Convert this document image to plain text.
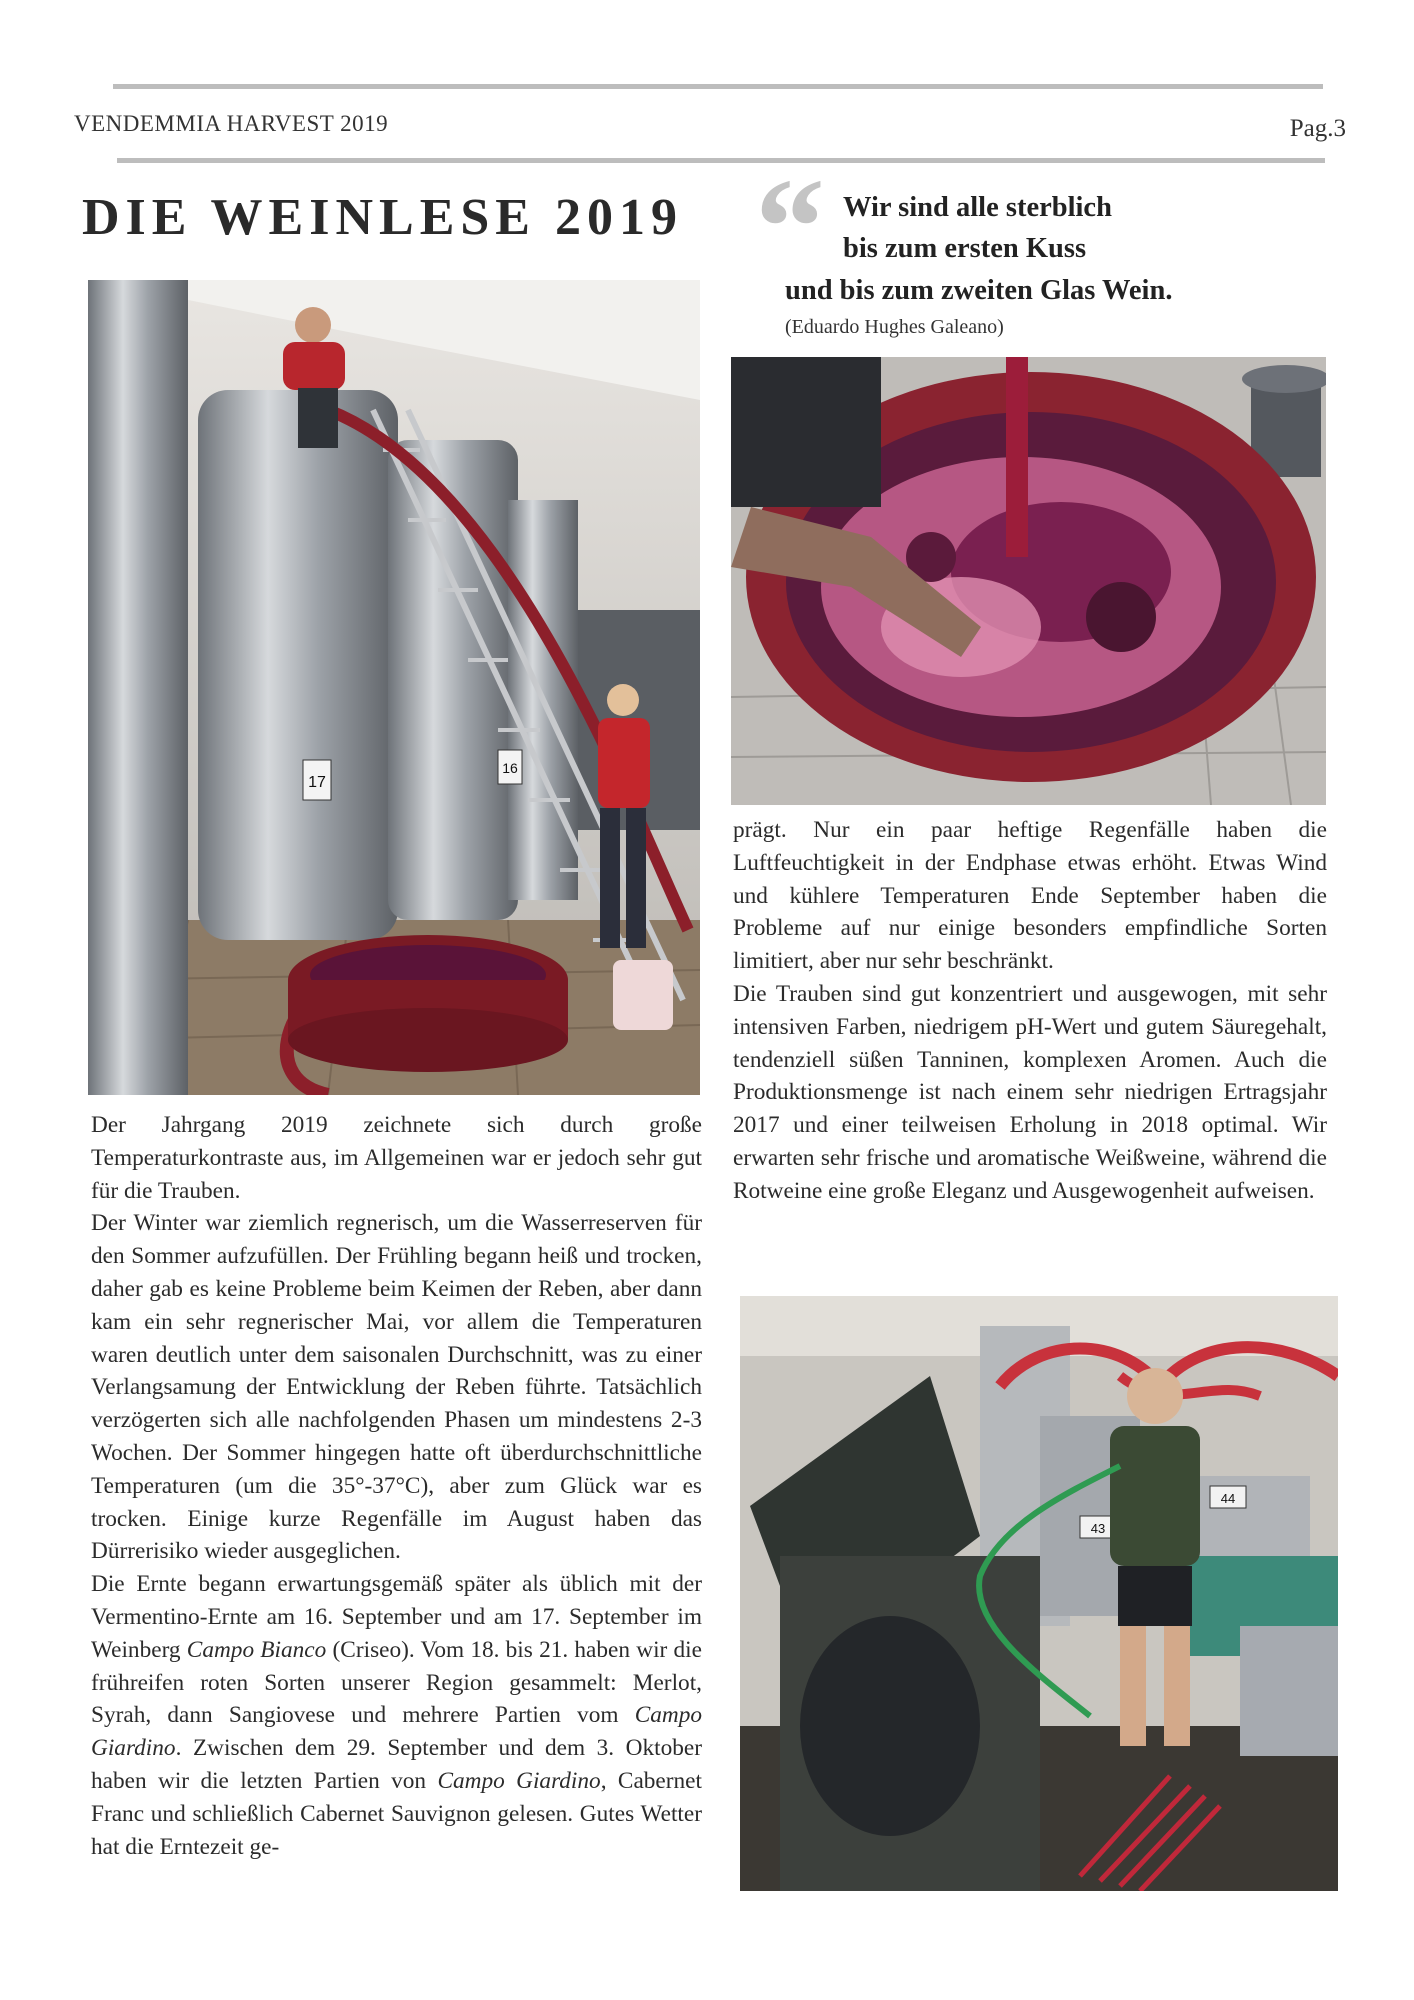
VENDEMMIA HARVEST 2019	Pag.3
DIE WEINLESE 2019 “ Wir sind alle sterblich
bis zum ersten Kuss
und bis zum zweiten Glas Wein.
(Eduardo Hughes Galeano)
17
16
43
44

Der Jahrgang 2019 zeichnete sich durch große Temperaturkontraste aus, im Allgemeinen war er jedoch sehr gut für die Trauben.

Der Winter war ziemlich regnerisch, um die Wasserreserven für den Sommer aufzufüllen. Der Frühling begann heiß und trocken, daher gab es keine Probleme beim Keimen der Reben, aber dann kam ein sehr regnerischer Mai, vor allem die Temperaturen waren deutlich unter dem saisonalen Durchschnitt, was zu einer Verlangsamung der Entwicklung der Reben führte. Tatsächlich verzögerten sich alle nachfolgenden Phasen um mindestens 2-3 Wochen. Der Sommer hingegen hatte oft überdurchschnittliche Temperaturen (um die 35°-37°C), aber zum Glück war es trocken. Einige kurze Regenfälle im August haben das Dürrerisiko wieder ausgeglichen.

Die Ernte begann erwartungsgemäß später als üblich mit der Vermentino-Ernte am 16. September und am 17. September im Weinberg Campo Bianco (Criseo). Vom 18. bis 21. haben wir die frühreifen roten Sorten unserer Region gesammelt: Merlot, Syrah, dann Sangiovese und mehrere Partien vom Campo Giardino. Zwischen dem 29. September und dem 3. Oktober haben wir die letzten Partien von Campo Giardino, Cabernet Franc und schließlich Cabernet Sauvignon gelesen. Gutes Wetter hat die Erntezeit ge-

prägt. Nur ein paar heftige Regenfälle haben die Luftfeuchtigkeit in der Endphase etwas erhöht. Etwas Wind und kühlere Temperaturen Ende September haben die Probleme auf nur einige besonders empfindliche Sorten limitiert, aber nur sehr beschränkt.

Die Trauben sind gut konzentriert und ausgewogen, mit sehr intensiven Farben, niedrigem pH-Wert und gutem Säuregehalt, tendenziell süßen Tanninen, komplexen Aromen. Auch die Produktionsmenge ist nach einem sehr niedrigen Ertragsjahr 2017 und einer teilweisen Erholung in 2018 optimal. Wir erwarten sehr frische und aromatische Weißweine, während die Rotweine eine große Eleganz und Ausgewogenheit aufweisen.
